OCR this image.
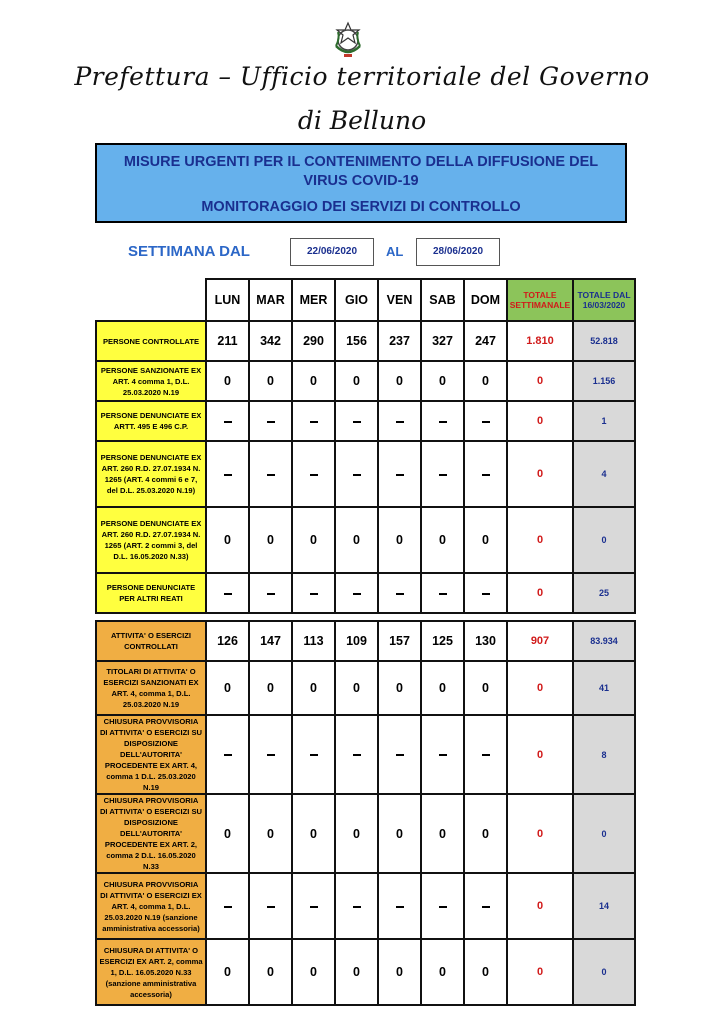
Prefettura – Ufficio territoriale del Governo
di Belluno
MISURE URGENTI PER IL CONTENIMENTO DELLA DIFFUSIONE DEL VIRUS COVID-19
MONITORAGGIO DEI SERVIZI DI CONTROLLO
SETTIMANA DAL	22/06/2020	AL	28/06/2020
	LUN	MAR	MER	GIO	VEN	SAB	DOM	TOTALE SETTIMANALE	TOTALE DAL 16/03/2020
PERSONE CONTROLLATE	211	342	290	156	237	327	247	1.810	52.818
PERSONE SANZIONATE EX ART. 4 comma 1, D.L. 25.03.2020 N.19	0	0	0	0	0	0	0	0	1.156
PERSONE DENUNCIATE EX ARTT. 495 E 496 C.P.								0	1
PERSONE DENUNCIATE EX ART. 260 R.D. 27.07.1934 N. 1265 (ART. 4 commi 6 e 7, del D.L. 25.03.2020 N.19)								0	4
PERSONE DENUNCIATE EX ART. 260 R.D. 27.07.1934 N. 1265 (ART. 2 commi 3, del D.L. 16.05.2020 N.33)	0	0	0	0	0	0	0	0	0
PERSONE DENUNCIATE PER ALTRI REATI								0	25

ATTIVITA' O ESERCIZI CONTROLLATI	126	147	113	109	157	125	130	907	83.934
TITOLARI DI ATTIVITA' O ESERCIZI SANZIONATI EX ART. 4, comma 1, D.L. 25.03.2020 N.19	0	0	0	0	0	0	0	0	41
CHIUSURA PROVVISORIA DI ATTIVITA' O ESERCIZI SU DISPOSIZIONE DELL'AUTORITA' PROCEDENTE EX ART. 4, comma 1 D.L. 25.03.2020 N.19								0	8
CHIUSURA PROVVISORIA DI ATTIVITA' O ESERCIZI SU DISPOSIZIONE DELL'AUTORITA' PROCEDENTE EX ART. 2, comma 2 D.L. 16.05.2020 N.33	0	0	0	0	0	0	0	0	0
CHIUSURA PROVVISORIA DI ATTIVITA' O ESERCIZI EX ART. 4, comma 1, D.L. 25.03.2020 N.19 (sanzione amministrativa accessoria)								0	14
CHIUSURA DI ATTIVITA' O ESERCIZI EX ART. 2, comma 1, D.L. 16.05.2020 N.33 (sanzione amministrativa accessoria)	0	0	0	0	0	0	0	0	0
